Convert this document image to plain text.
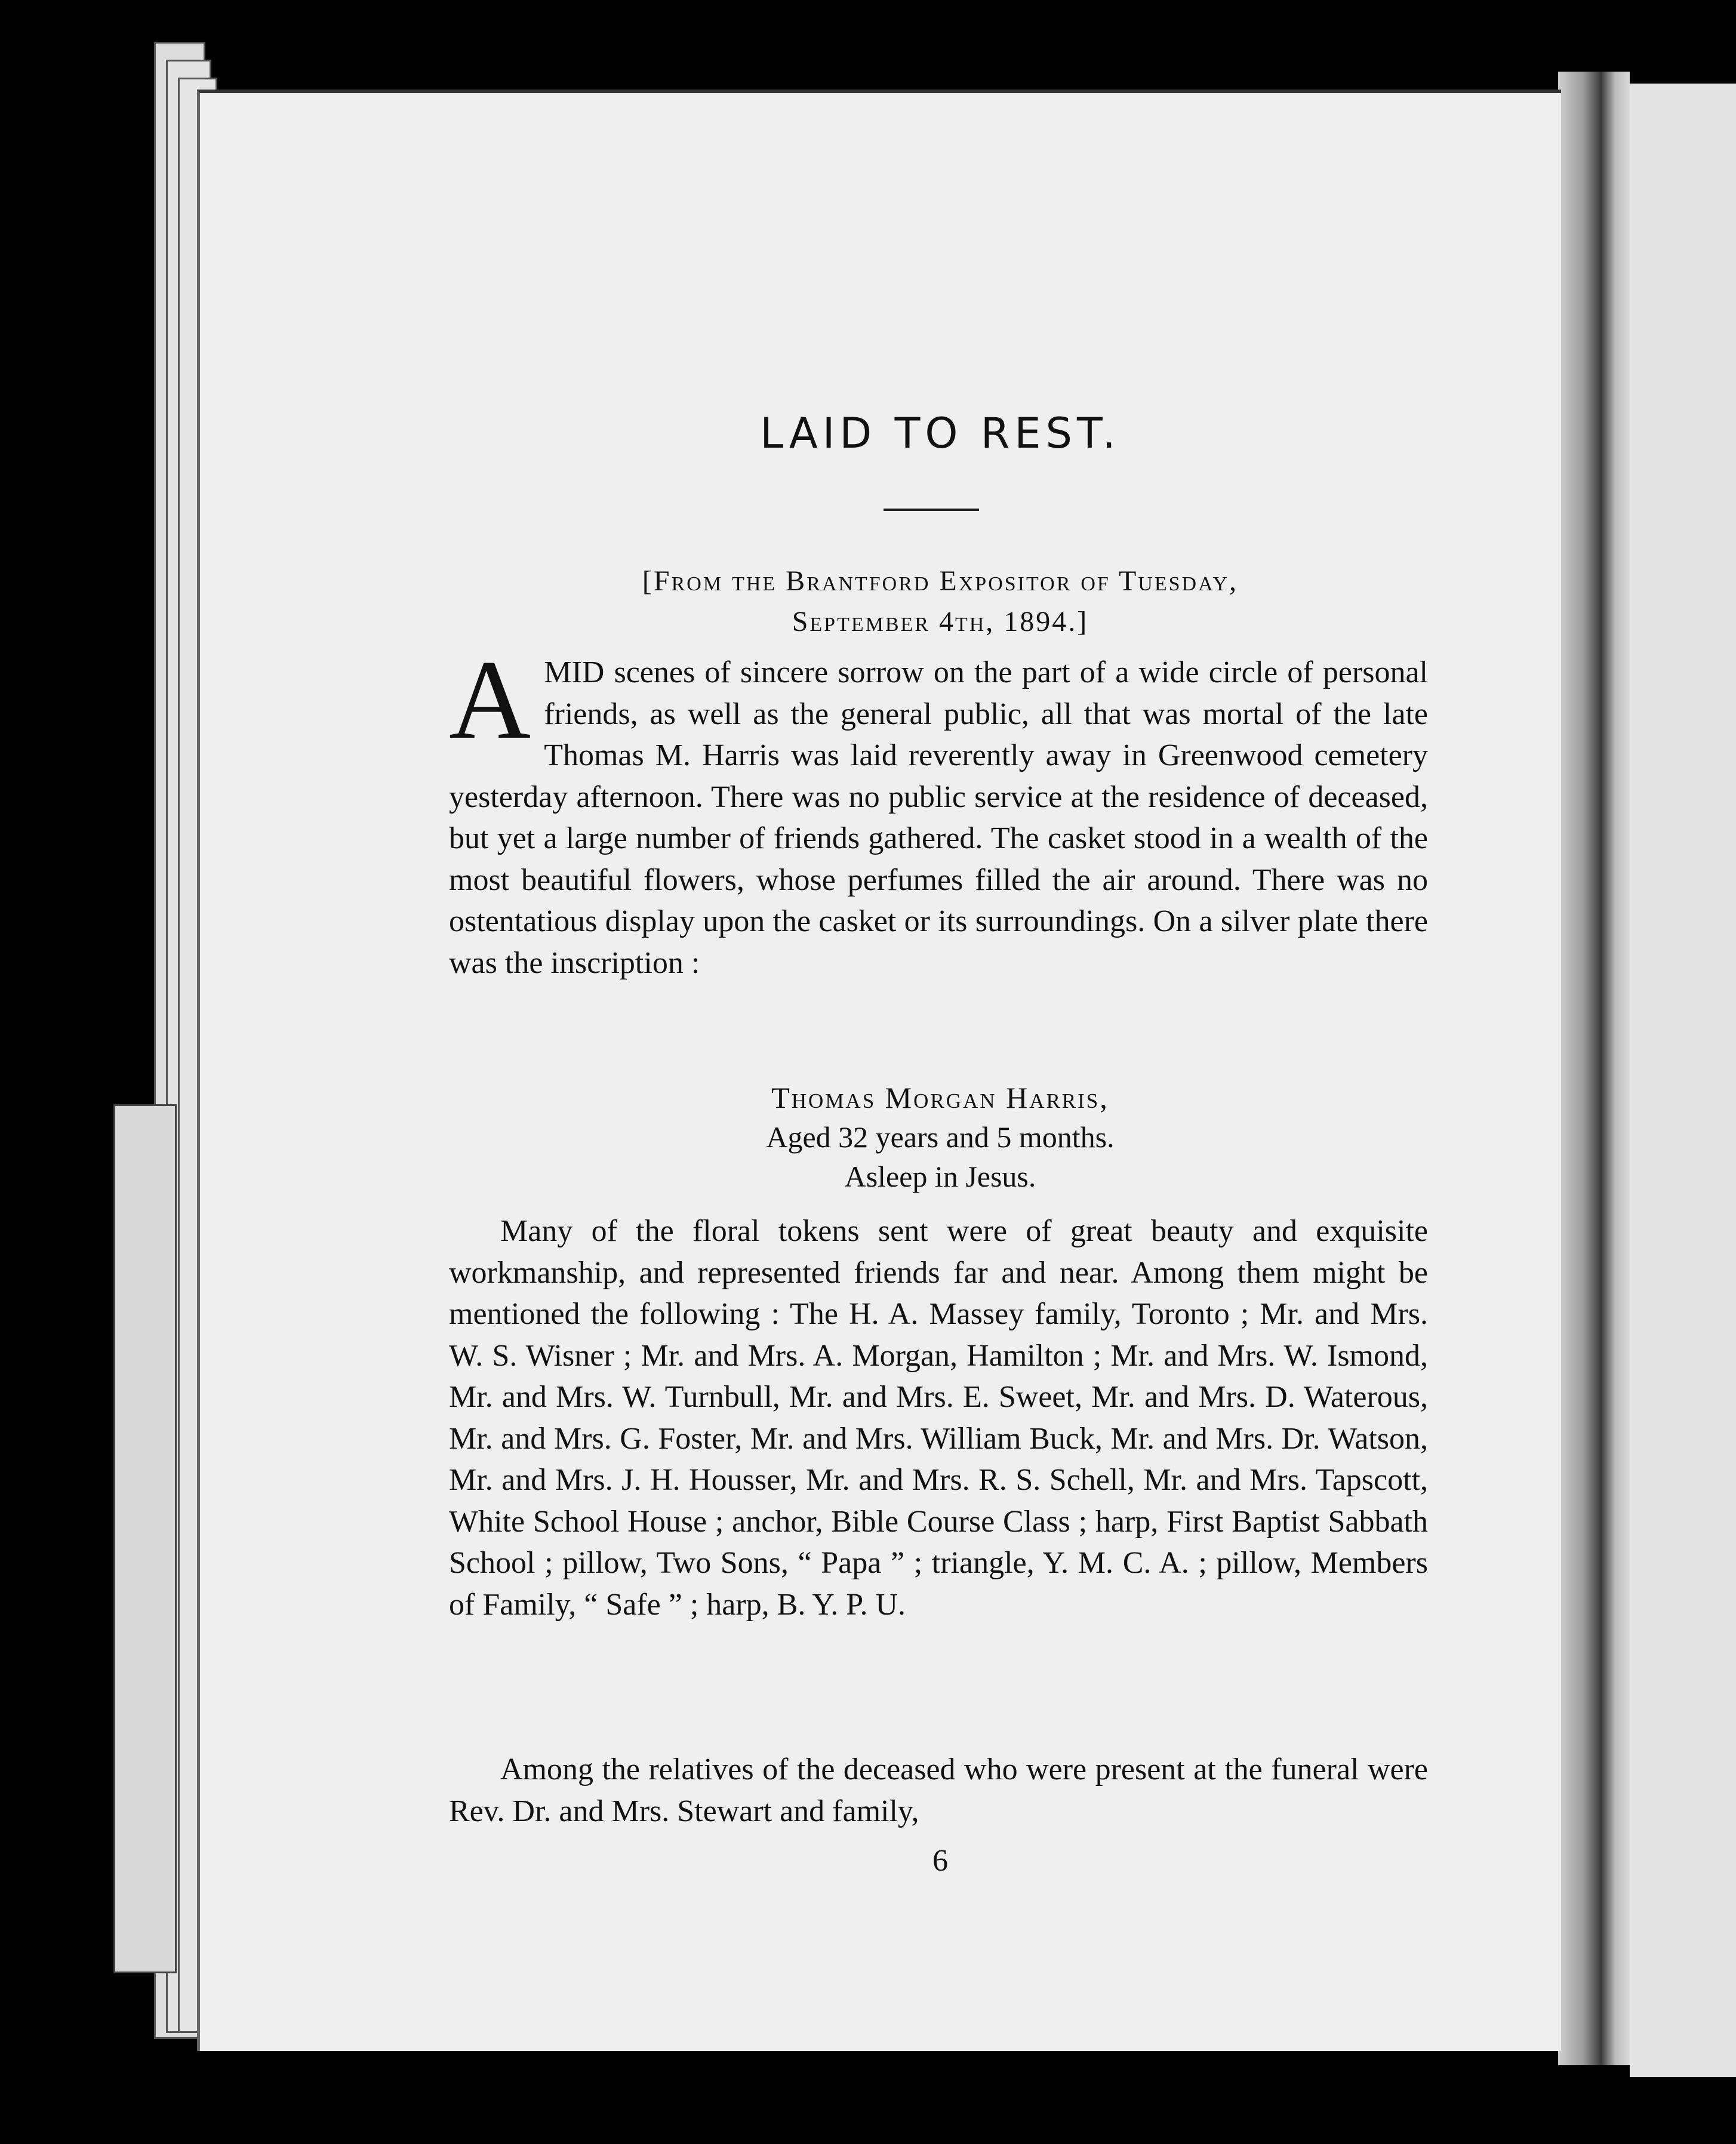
LAID TO REST.
[From the Brantford Expositor of Tuesday,
September 4th, 1894.]
AMID scenes of sincere sorrow on the part of a wide circle of personal friends, as well as the general public, all that was mortal of the late Thomas M. Harris was laid reverently away in Greenwood cemetery yesterday afternoon. There was no public service at the residence of deceased, but yet a large number of friends gathered. The casket stood in a wealth of the most beautiful flowers, whose perfumes filled the air around. There was no ostentatious display upon the casket or its surroundings. On a silver plate there was the inscription :
Thomas Morgan Harris,
Aged 32 years and 5 months.
Asleep in Jesus.

Many of the floral tokens sent were of great beauty and exquisite workmanship, and represented friends far and near. Among them might be mentioned the following : The H. A. Massey family, Toronto ; Mr. and Mrs. W. S. Wisner ; Mr. and Mrs. A. Morgan, Hamilton ; Mr. and Mrs. W. Ismond, Mr. and Mrs. W. Turnbull, Mr. and Mrs. E. Sweet, Mr. and Mrs. D. Waterous, Mr. and Mrs. G. Foster, Mr. and Mrs. William Buck, Mr. and Mrs. Dr. Watson, Mr. and Mrs. J. H. Housser, Mr. and Mrs. R. S. Schell, Mr. and Mrs. Tapscott, White School House ; anchor, Bible Course Class ; harp, First Baptist Sabbath School ; pillow, Two Sons, “ Papa ” ; triangle, Y. M. C. A. ; pillow, Members of Family, “ Safe ” ; harp, B. Y. P. U.

Among the relatives of the deceased who were present at the funeral were Rev. Dr. and Mrs. Stewart and family,

6
